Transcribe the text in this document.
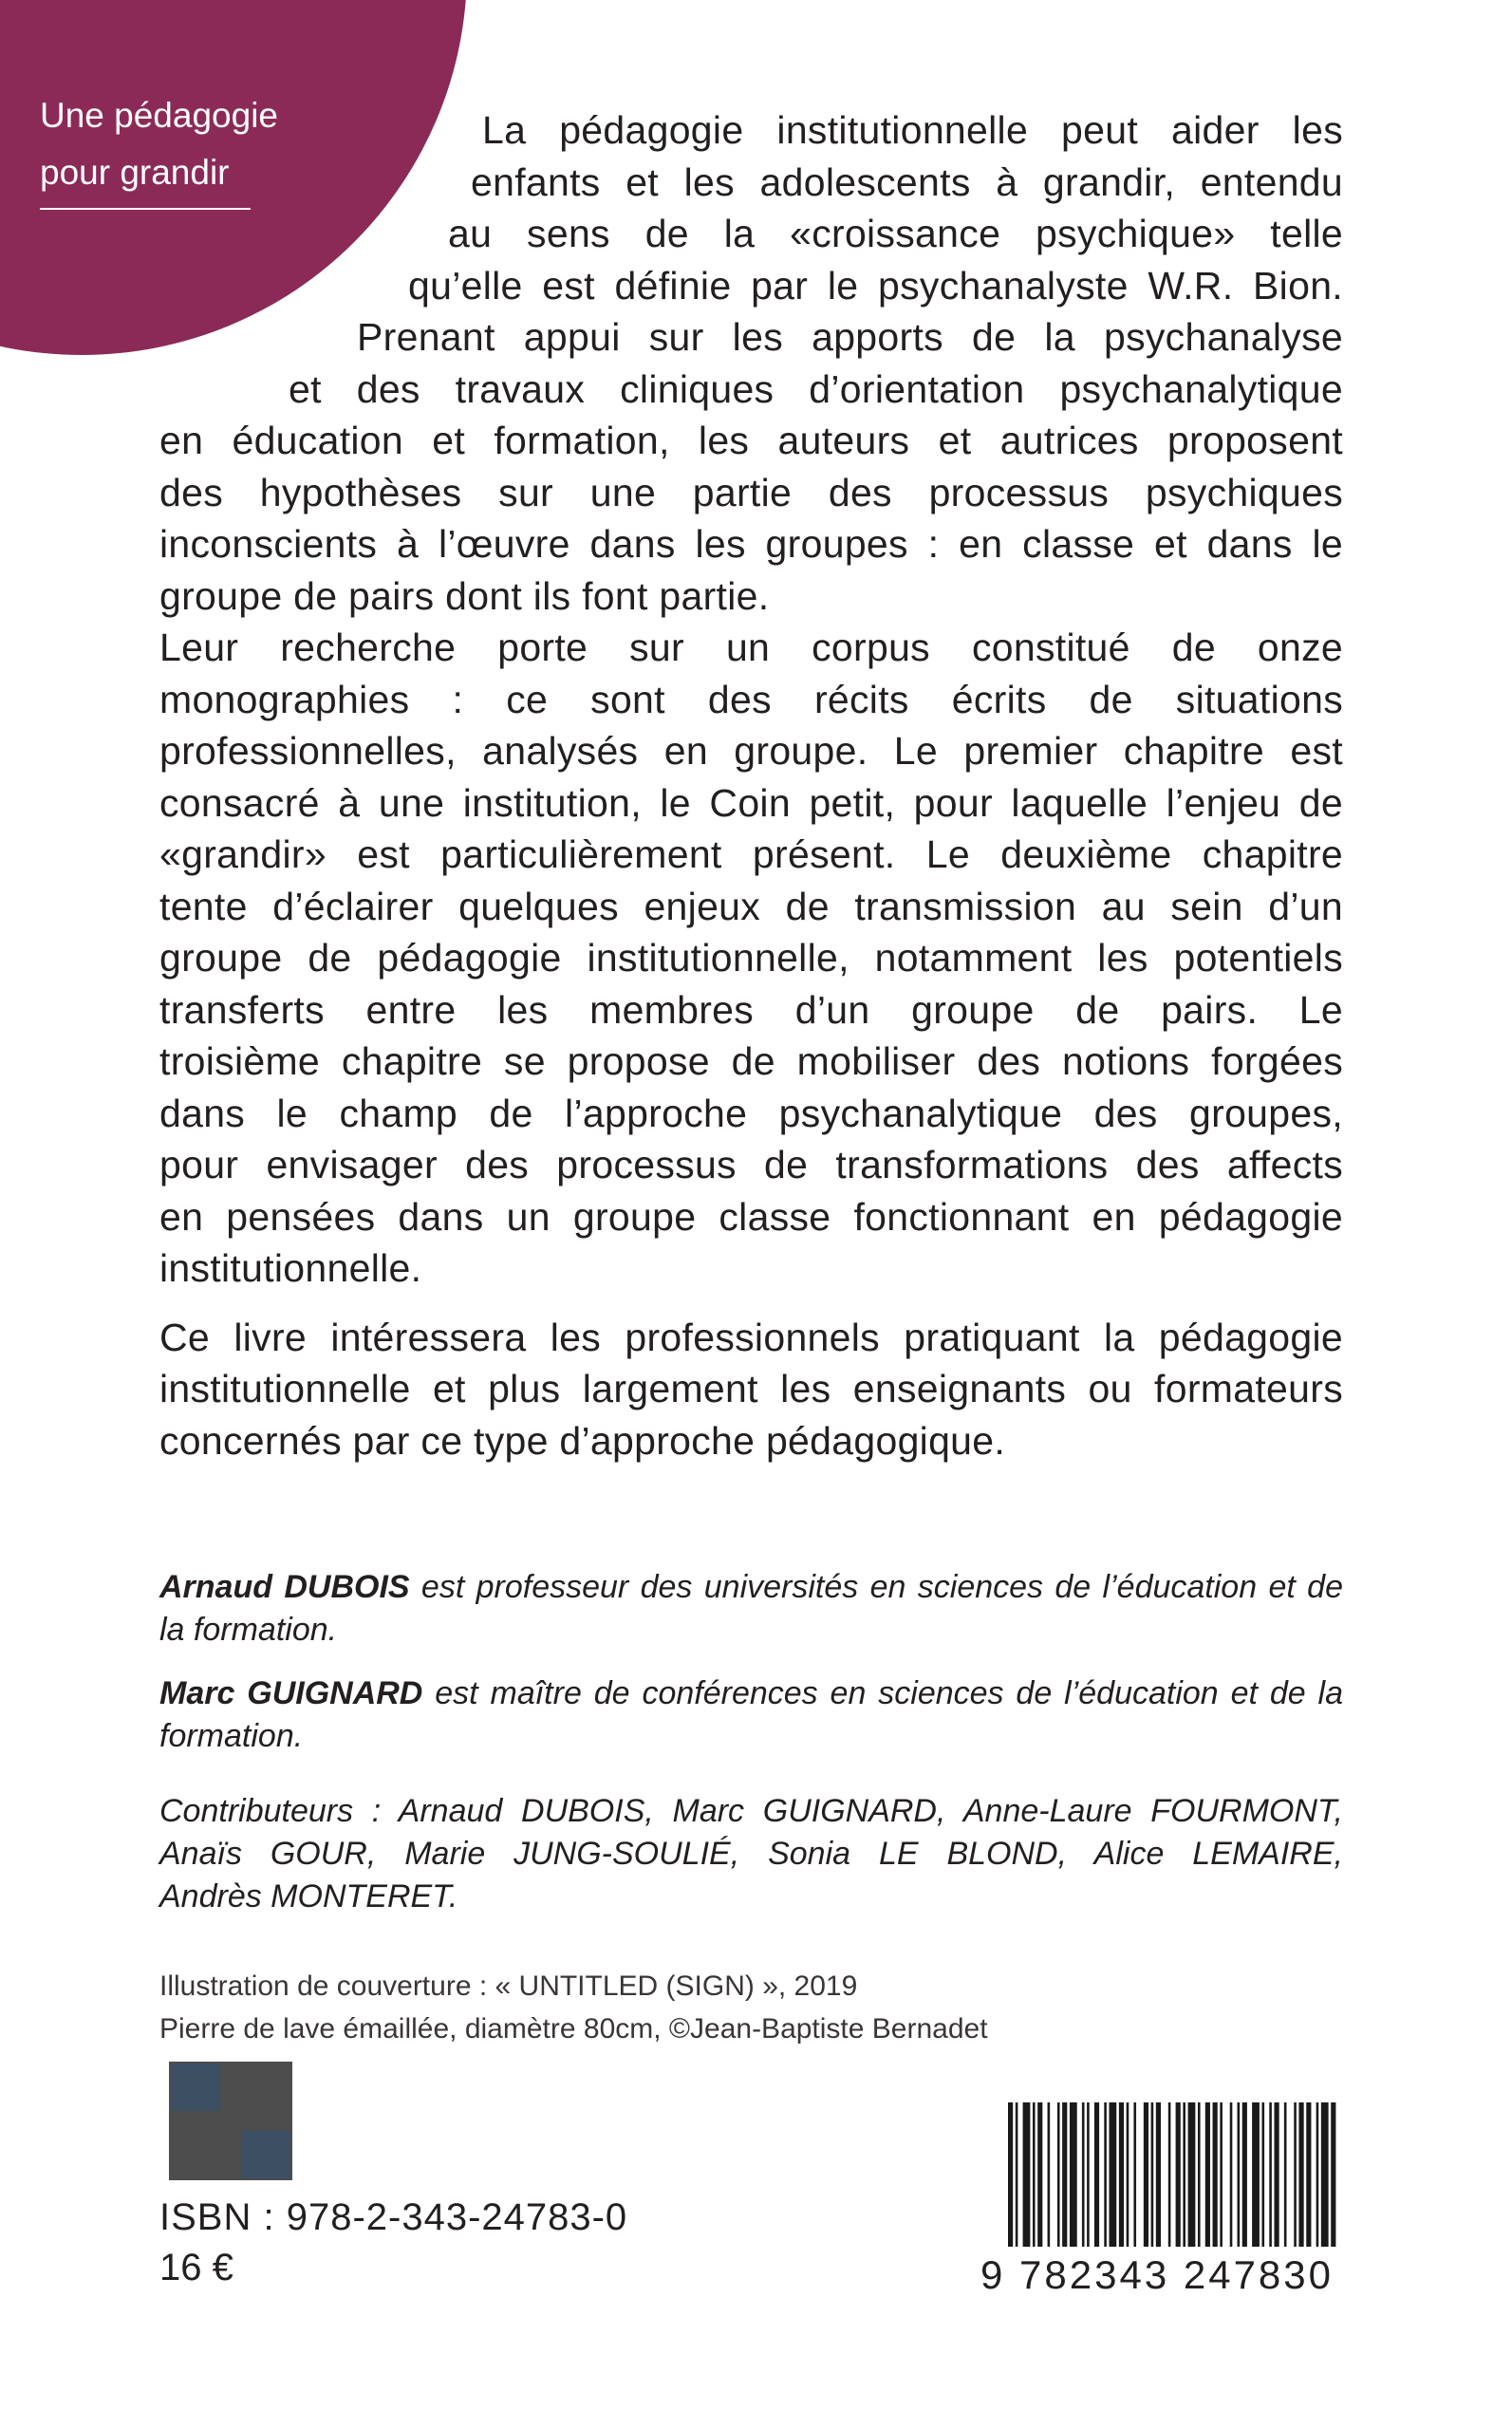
Une pédagogie
pour grandir

La pédagogie institutionnelle peut aider les
enfants et les adolescents à grandir, entendu
au sens de la «croissance psychique» telle
qu’elle est définie par le psychanalyste W.R. Bion.
Prenant appui sur les apports de la psychanalyse
et des travaux cliniques d’orientation psychanalytique
en éducation et formation, les auteurs et autrices proposent
des hypothèses sur une partie des processus psychiques
inconscients à l’œuvre dans les groupes : en classe et dans le
groupe de pairs dont ils font partie.

Leur recherche porte sur un corpus constitué de onze
monographies : ce sont des récits écrits de situations
professionnelles, analysés en groupe. Le premier chapitre est
consacré à une institution, le Coin petit, pour laquelle l’enjeu de
«grandir» est particulièrement présent. Le deuxième chapitre
tente d’éclairer quelques enjeux de transmission au sein d’un
groupe de pédagogie institutionnelle, notamment les potentiels
transferts entre les membres d’un groupe de pairs. Le
troisième chapitre se propose de mobiliser des notions forgées
dans le champ de l’approche psychanalytique des groupes,
pour envisager des processus de transformations des affects
en pensées dans un groupe classe fonctionnant en pédagogie
institutionnelle.

Ce livre intéressera les professionnels pratiquant la pédagogie
institutionnelle et plus largement les enseignants ou formateurs
concernés par ce type d’approche pédagogique.

Arnaud DUBOIS est professeur des universités en sciences de l’éducation et de la formation.

Marc GUIGNARD est maître de conférences en sciences de l’éducation et de la formation.

Contributeurs : Arnaud DUBOIS, Marc GUIGNARD, Anne-Laure FOURMONT,
Anaïs GOUR, Marie JUNG-SOULIÉ, Sonia LE BLOND, Alice LEMAIRE,
Andrès MONTERET.
Illustration de couverture : « UNTITLED (SIGN) », 2019
Pierre de lave émaillée, diamètre 80cm, ©Jean-Baptiste Bernadet
ISBN : 978-2-343-24783-0
16 €	9 782343 247830
